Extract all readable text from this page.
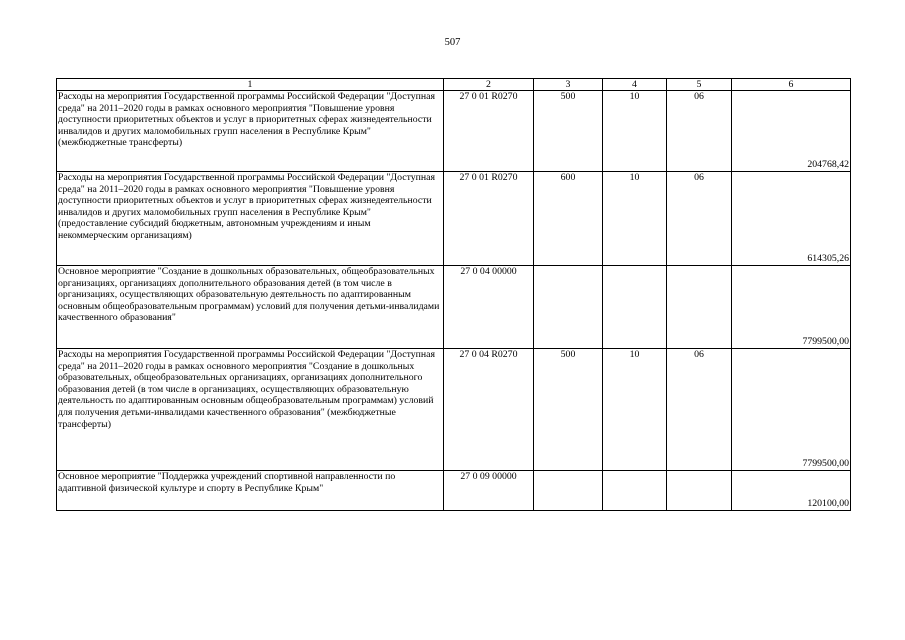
507
1	2	3	4	5	6
Расходы на мероприятия Государственной программы Российской Федерации "Доступная среда" на 2011–2020 годы в рамках основного мероприятия "Повышение уровня доступности приоритетных объектов и услуг в приоритетных сферах жизнедеятельности инвалидов и других маломобильных групп населения в Республике Крым" (межбюджетные трансферты)	27 0 01 R0270	500	10	06	204768,42
Расходы на мероприятия Государственной программы Российской Федерации "Доступная среда" на 2011–2020 годы в рамках основного мероприятия "Повышение уровня доступности приоритетных объектов и услуг в приоритетных сферах жизнедеятельности инвалидов и других маломобильных групп населения в Республике Крым" (предоставление субсидий бюджетным, автономным учреждениям и иным некоммерческим организациям)	27 0 01 R0270	600	10	06	614305,26
Основное мероприятие "Создание в дошкольных образовательных, общеобразовательных организациях, организациях дополнительного образования детей (в том числе в организациях, осуществляющих образовательную деятельность по адаптированным основным общеобразовательным программам) условий для получения детьми-инвалидами качественного образования"	27 0 04 00000				7799500,00
Расходы на мероприятия Государственной программы Российской Федерации "Доступная среда" на 2011–2020 годы в рамках основного мероприятия "Создание в дошкольных образовательных, общеобразовательных организациях, организациях дополнительного образования детей (в том числе в организациях, осуществляющих образовательную деятельность по адаптированным основным общеобразовательным программам) условий для получения детьми-инвалидами качественного образования" (межбюджетные трансферты)	27 0 04 R0270	500	10	06	7799500,00
Основное мероприятие "Поддержка учреждений спортивной направленности по адаптивной физической культуре и спорту в Республике Крым"	27 0 09 00000				120100,00
